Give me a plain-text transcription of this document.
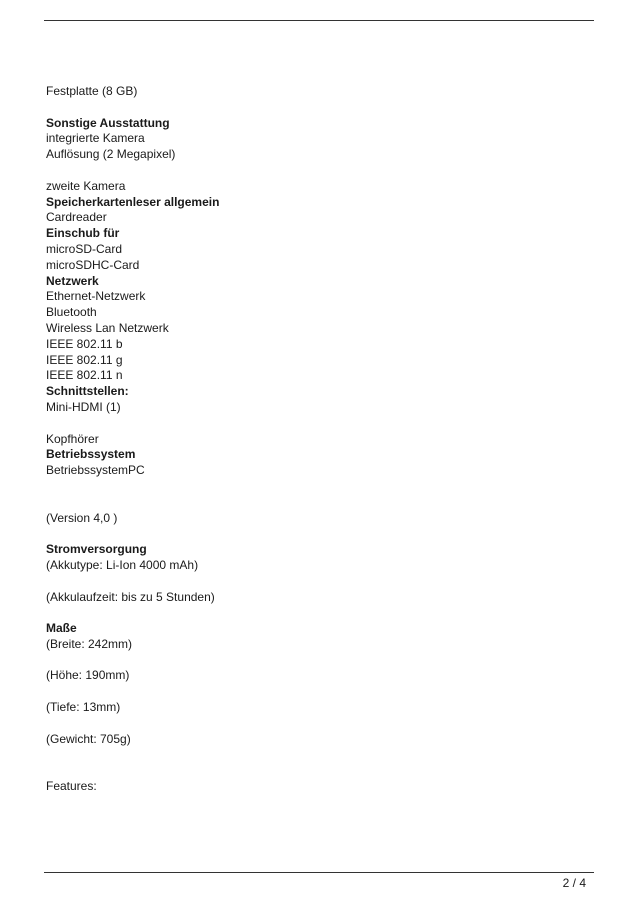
Festplatte (8 GB)
Sonstige Ausstattung
integrierte Kamera
Auflösung (2 Megapixel)
zweite Kamera
Speicherkartenleser allgemein
Cardreader
Einschub für
microSD-Card
microSDHC-Card
Netzwerk
Ethernet-Netzwerk
Bluetooth
Wireless Lan Netzwerk
IEEE 802.11 b
IEEE 802.11 g
IEEE 802.11 n
Schnittstellen:
Mini-HDMI (1)
Kopfhörer
Betriebssystem
BetriebssystemPC
(Version 4,0 )
Stromversorgung
(Akkutype: Li-Ion 4000 mAh)
(Akkulaufzeit: bis zu 5 Stunden)
Maße
(Breite: 242mm)
(Höhe: 190mm)
(Tiefe: 13mm)
(Gewicht: 705g)
Features:
2 / 4
